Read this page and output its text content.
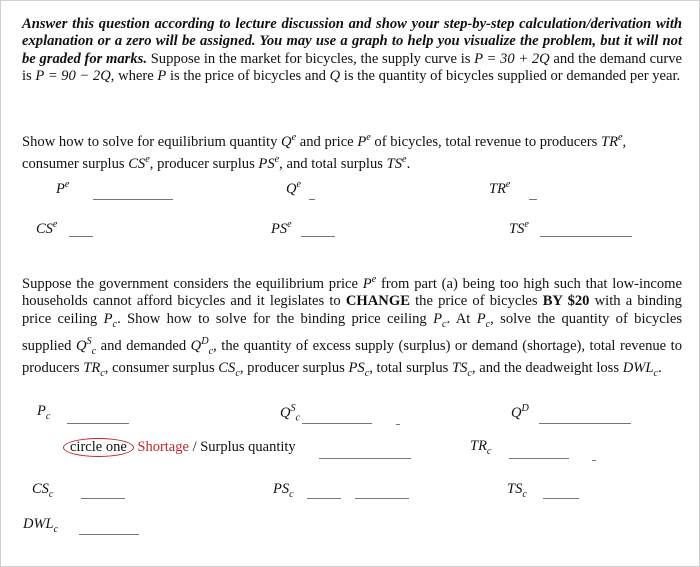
Answer this question according to lecture discussion and show your step-by-step calculation/derivation with explanation or a zero will be assigned. You may use a graph to help you visualize the problem, but it will not be graded for marks. Suppose in the market for bicycles, the supply curve is P = 30 + 2Q and the demand curve is P = 90 − 2Q, where P is the price of bicycles and Q is the quantity of bicycles supplied or demanded per year.
Show how to solve for equilibrium quantity $Q^e$ and price $P^e$ of bicycles, total revenue to producers $TR^e$,
consumer surplus $CS^e$, producer surplus $PS^e$, and total surplus $TS^e$.
$P^e$	$Q^e$	$TR^e$
$CS^e$	$PS^e$	$TS^e$
Suppose the government considers the equilibrium price $P^e$ from part (a) being too high such that low-income households cannot afford bicycles and it legislates to CHANGE the price of bicycles BY $20 with a binding price ceiling $P_c$. Show how to solve for the binding price ceiling $P_c$. At $P_c$, solve the quantity of bicycles supplied $Q^S_c$ and demanded $Q^D_c$, the quantity of excess supply (surplus) or demand (shortage), total revenue to producers $TR_c$, consumer surplus $CS_c$, producer surplus $PS_c$, total surplus $TS_c$, and the deadweight loss $DWL_c$.
$P_c$	$Q^S_c$	$Q^D$
circle one Shortage / Surplus quantity	$TR_c$
$CS_c$	$PS_c$	$TS_c$
$DWL_c$
